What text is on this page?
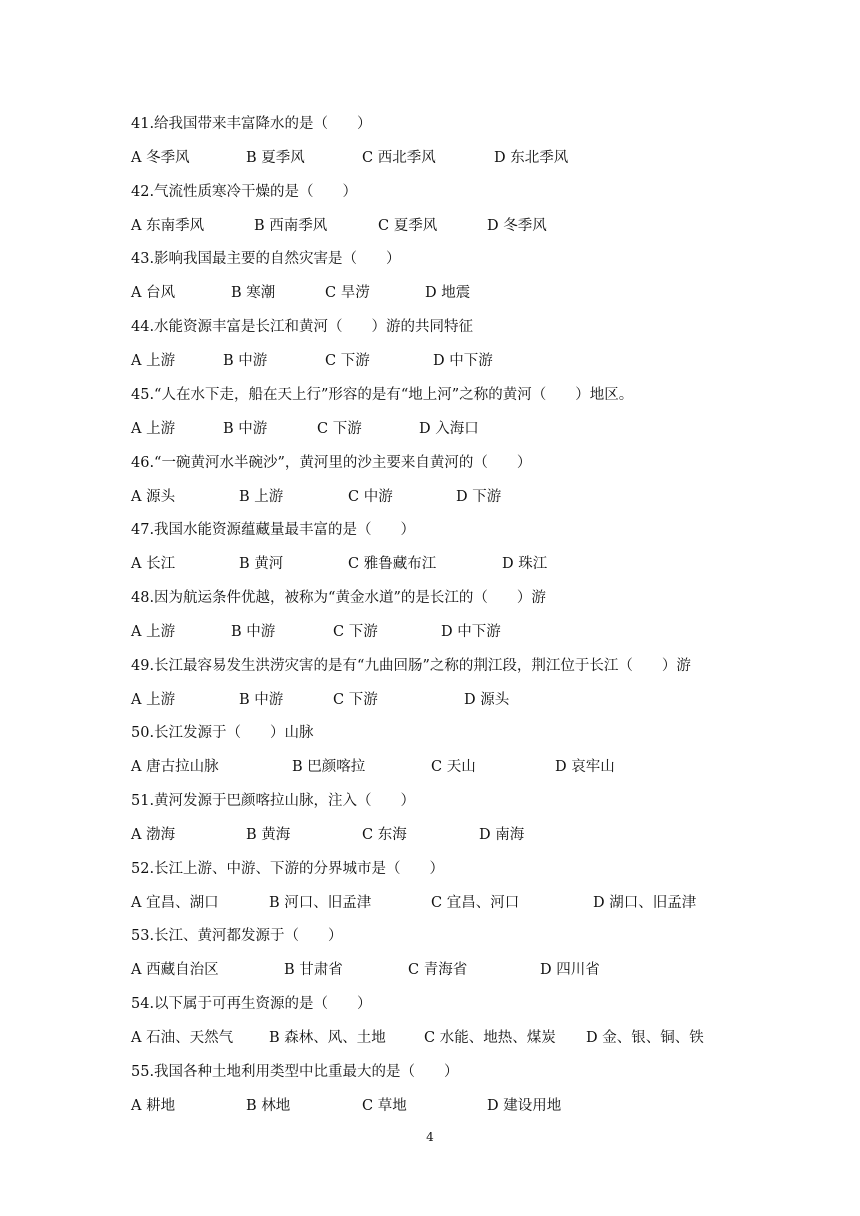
41.给我国带来丰富降水的是（　　）
A 冬季风	B 夏季风	C 西北季风	D 东北季风
42.气流性质寒冷干燥的是（　　）
A 东南季风	B 西南季风	C 夏季风	D 冬季风
43.影响我国最主要的自然灾害是（　　）
A 台风	B 寒潮	C 旱涝	D 地震
44.水能资源丰富是长江和黄河（　　）游的共同特征
A 上游	B 中游	C 下游	D 中下游
45.“人在水下走，船在天上行”形容的是有“地上河”之称的黄河（　　）地区。
A 上游	B 中游	C 下游	D 入海口
46.“一碗黄河水半碗沙”，黄河里的沙主要来自黄河的（　　）
A 源头	B 上游	C 中游	D 下游
47.我国水能资源蕴藏量最丰富的是（　　）
A 长江	B 黄河	C 雅鲁藏布江	D 珠江
48.因为航运条件优越，被称为“黄金水道”的是长江的（　　）游
A 上游	B 中游	C 下游	D 中下游
49.长江最容易发生洪涝灾害的是有“九曲回肠”之称的荆江段，荆江位于长江（　　）游
A 上游	B 中游	C 下游	D 源头
50.长江发源于（　　）山脉
A 唐古拉山脉	B 巴颜喀拉	C 天山	D 哀牢山
51.黄河发源于巴颜喀拉山脉，注入（　　）
A 渤海	B 黄海	C 东海	D 南海
52.长江上游、中游、下游的分界城市是（　　）
A 宜昌、湖口	B 河口、旧孟津	C 宜昌、河口	D 湖口、旧孟津
53.长江、黄河都发源于（　　）
A 西藏自治区	B 甘肃省	C 青海省	D 四川省
54.以下属于可再生资源的是（　　）
A 石油、天然气 B 森林、风、土地	C 水能、地热、煤炭 D 金、银、铜、铁
55.我国各种土地利用类型中比重最大的是（　　）
A 耕地	B 林地	C 草地	D 建设用地
4
